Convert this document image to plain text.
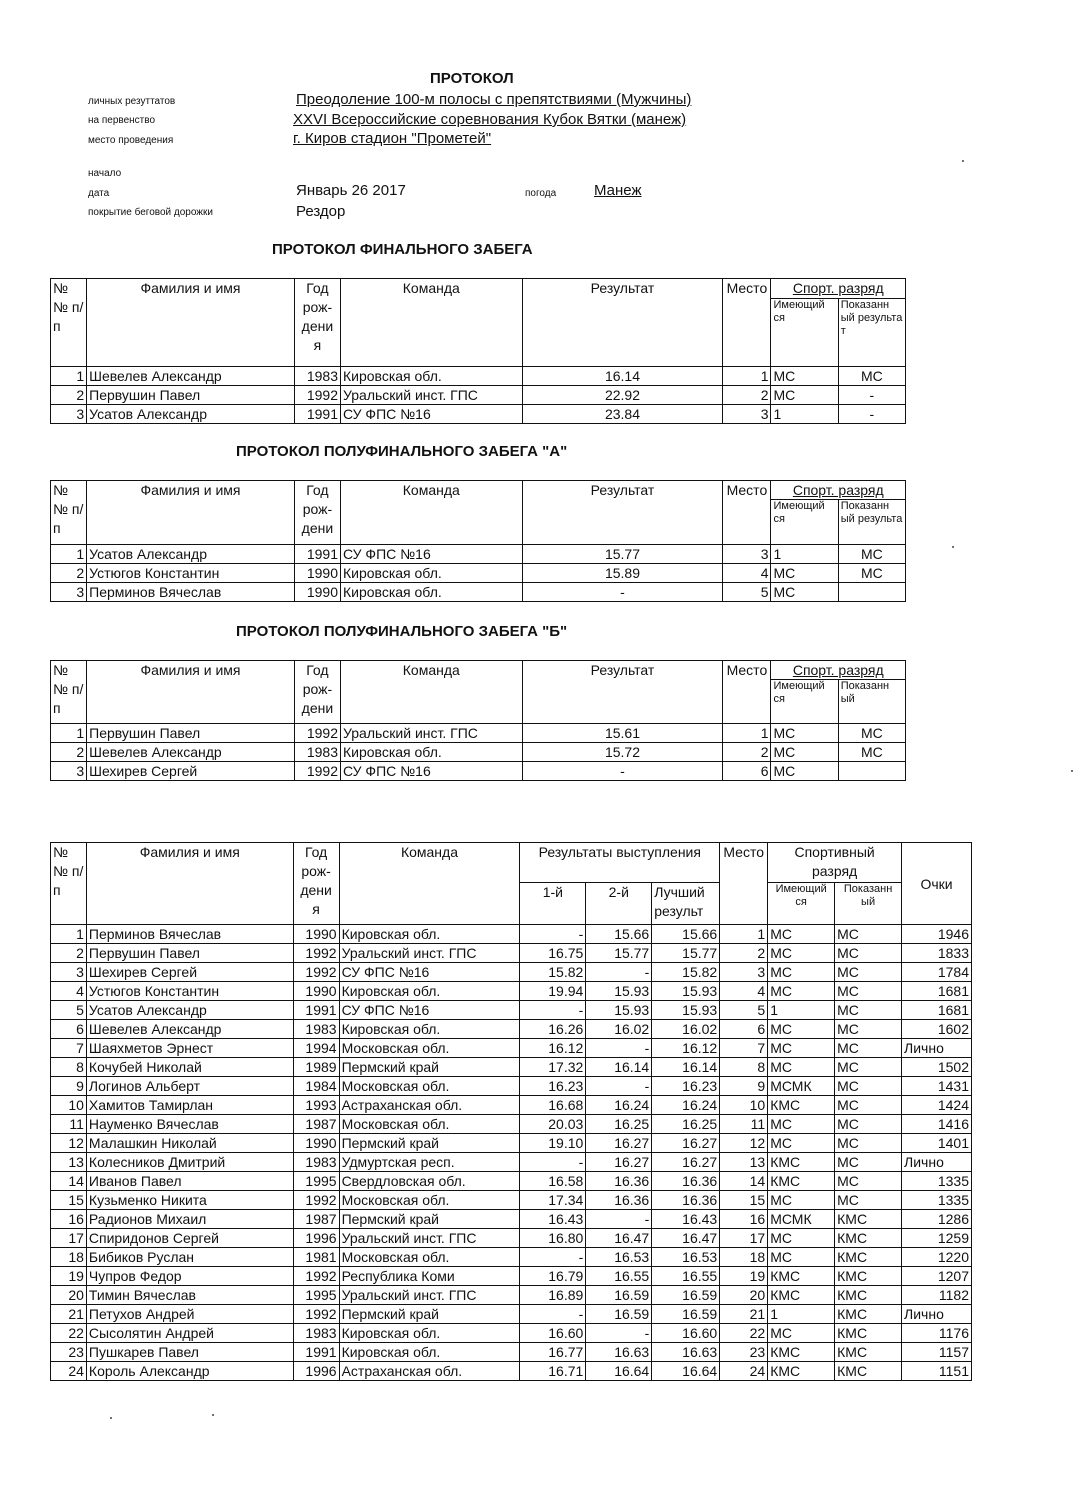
ПРОТОКОЛ
личных резуттатов
на первенство
место проведения
начало
дата
покрытие беговой дорожки
погода
Преодоление 100-м полосы с препятствиями (Мужчины)
XXVI Всероссийские соревнования Кубок Вятки (манеж)
г. Киров стадион "Прометей"
Январь 26 2017
Рездор
Манеж
ПРОТОКОЛ ФИНАЛЬНОГО ЗАБЕГА
№ № п/п	Фамилия и имя	Год рож- дени я	Команда	Результат	Место	Спорт. разряд	
						Имеющий ся	Показанн ый результа т
1	Шевелев Александр	1983	Кировская обл.	16.14	1	МС	МС
2	Первушин Павел	1992	Уральский инст. ГПС	22.92	2	МС	-
3	Усатов Александр	1991	СУ ФПС №16	23.84	3	1	-
ПРОТОКОЛ ПОЛУФИНАЛЬНОГО ЗАБЕГА "А"
№ № п/п	Фамилия и имя	Год рож- дени	Команда	Результат	Место	Спорт. разряд	
						Имеющий ся	Показанн ый результа
1	Усатов Александр	1991	СУ ФПС №16	15.77	3	1	МС
2	Устюгов Константин	1990	Кировская обл.	15.89	4	МС	МС
3	Перминов Вячеслав	1990	Кировская обл.	-	5	МС	
ПРОТОКОЛ ПОЛУФИНАЛЬНОГО ЗАБЕГА "Б"
№ № п/п	Фамилия и имя	Год рож- дени	Команда	Результат	Место	Спорт. разряд	
						Имеющий ся	Показанн ый
1	Первушин Павел	1992	Уральский инст. ГПС	15.61	1	МС	МС
2	Шевелев Александр	1983	Кировская обл.	15.72	2	МС	МС
3	Шехирев Сергей	1992	СУ ФПС №16	-	6	МС	
№ № п/п	Фамилия и имя	Год рож- дени я	Команда	Результаты выступления			Место	Спортивный разряд		Очки
				1-й	2-й	Лучший результ		Имеющий ся	Показанн ый	
1	Перминов Вячеслав	1990	Кировская обл.	-	15.66	15.66	1	МС	МС	1946
2	Первушин Павел	1992	Уральский инст. ГПС	16.75	15.77	15.77	2	МС	МС	1833
3	Шехирев Сергей	1992	СУ ФПС №16	15.82	-	15.82	3	МС	МС	1784
4	Устюгов Константин	1990	Кировская обл.	19.94	15.93	15.93	4	МС	МС	1681
5	Усатов Александр	1991	СУ ФПС №16	-	15.93	15.93	5	1	МС	1681
6	Шевелев Александр	1983	Кировская обл.	16.26	16.02	16.02	6	МС	МС	1602
7	Шаяхметов Эрнест	1994	Московская обл.	16.12	-	16.12	7	МС	МС	Лично
8	Кочубей Николай	1989	Пермский край	17.32	16.14	16.14	8	МС	МС	1502
9	Логинов Альберт	1984	Московская обл.	16.23	-	16.23	9	МСМК	МС	1431
10	Хамитов Тамирлан	1993	Астраханская обл.	16.68	16.24	16.24	10	КМС	МС	1424
11	Науменко Вячеслав	1987	Московская обл.	20.03	16.25	16.25	11	МС	МС	1416
12	Малашкин Николай	1990	Пермский край	19.10	16.27	16.27	12	МС	МС	1401
13	Колесников Дмитрий	1983	Удмуртская респ.	-	16.27	16.27	13	КМС	МС	Лично
14	Иванов Павел	1995	Свердловская обл.	16.58	16.36	16.36	14	КМС	МС	1335
15	Кузьменко Никита	1992	Московская обл.	17.34	16.36	16.36	15	МС	МС	1335
16	Радионов Михаил	1987	Пермский край	16.43	-	16.43	16	МСМК	КМС	1286
17	Спиридонов Сергей	1996	Уральский инст. ГПС	16.80	16.47	16.47	17	МС	КМС	1259
18	Бибиков Руслан	1981	Московская обл.	-	16.53	16.53	18	МС	КМС	1220
19	Чупров Федор	1992	Республика Коми	16.79	16.55	16.55	19	КМС	КМС	1207
20	Тимин Вячеслав	1995	Уральский инст. ГПС	16.89	16.59	16.59	20	КМС	КМС	1182
21	Петухов Андрей	1992	Пермский край	-	16.59	16.59	21	1	КМС	Лично
22	Сысолятин Андрей	1983	Кировская обл.	16.60	-	16.60	22	МС	КМС	1176
23	Пушкарев Павел	1991	Кировская обл.	16.77	16.63	16.63	23	КМС	КМС	1157
24	Король Александр	1996	Астраханская обл.	16.71	16.64	16.64	24	КМС	КМС	1151
